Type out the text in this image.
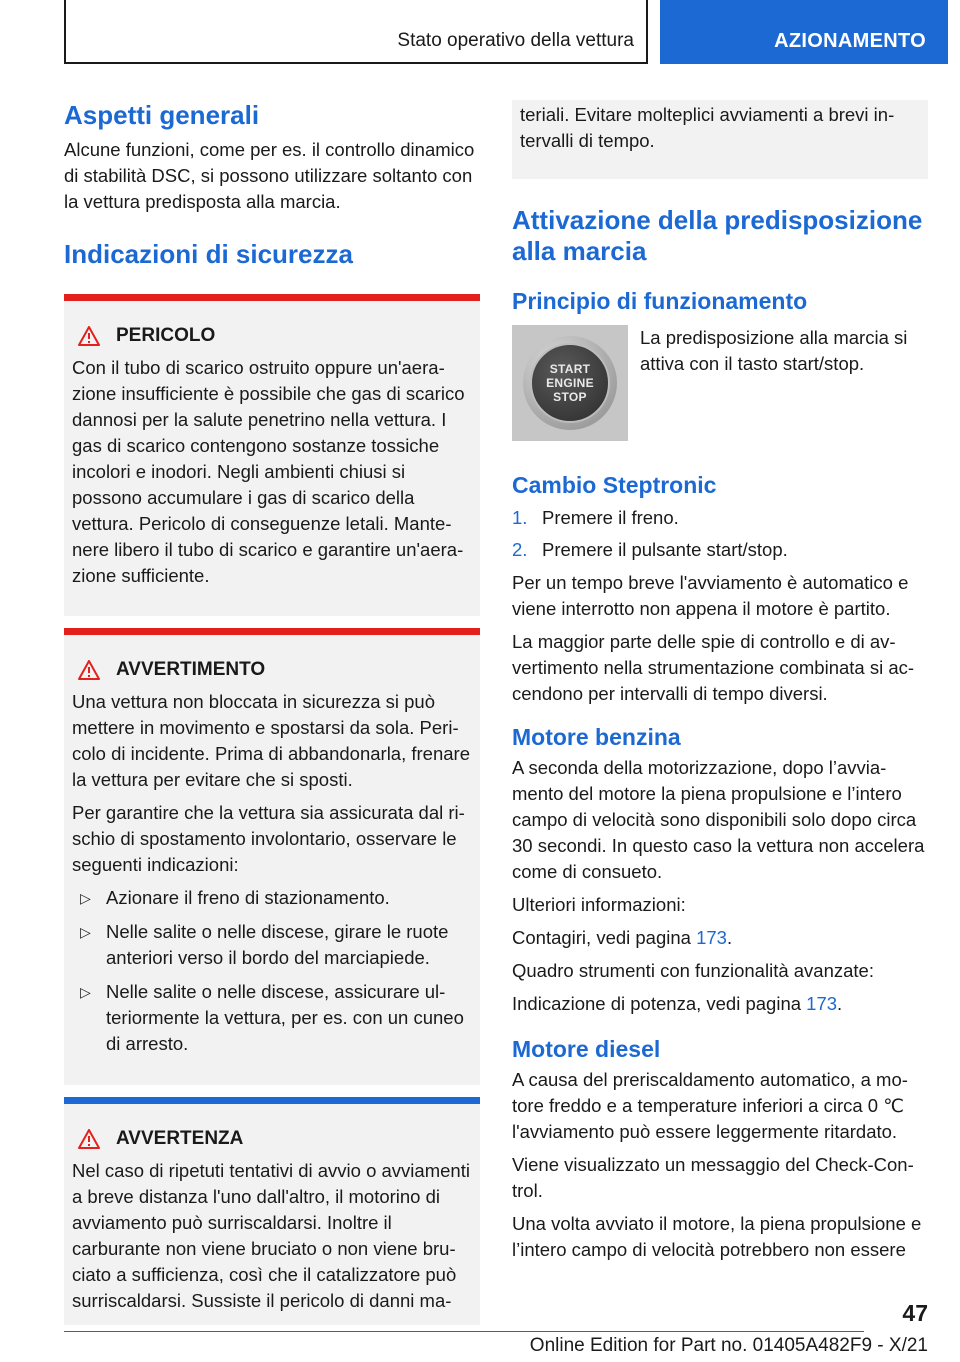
Stato operativo della vettura	AZIONAMENTO
Aspetti generali

Alcune funzioni, come per es. il controllo dinamico di stabilità DSC, si possono utilizzare soltanto con la vettura predisposta alla marcia.

Indicazioni di sicurezza
PERICOLO

Con il tubo di scarico ostruito oppure un'aerazione insufficiente è possibile che gas di scarico dannosi per la salute penetrino nella vettura. I gas di scarico contengono sostanze tossiche incolori e inodori. Negli ambienti chiusi si possono accumulare i gas di scarico della vettura. Pericolo di conseguenze letali. Mantenere libero il tubo di scarico e garantire un'aerazione sufficiente.

AVVERTIMENTO

Una vettura non bloccata in sicurezza si può mettere in movimento e spostarsi da sola. Pericolo di incidente. Prima di abbandonarla, frenare la vettura per evitare che si sposti.

Per garantire che la vettura sia assicurata dal rischio di spostamento involontario, osservare le seguenti indicazioni:

▷ Azionare il freno di stazionamento.
▷ Nelle salite o nelle discese, girare le ruote anteriori verso il bordo del marciapiede.
▷ Nelle salite o nelle discese, assicurare ulteriormente la vettura, per es. con un cuneo di arresto.
AVVERTENZA

Nel caso di ripetuti tentativi di avvio o avviamenti a breve distanza l'uno dall'altro, il motorino di avviamento può surriscaldarsi. Inoltre il carburante non viene bruciato o non viene bruciato a sufficienza, così che il catalizzatore può surriscaldarsi. Sussiste il pericolo di danni ma-

teriali. Evitare molteplici avviamenti a brevi intervalli di tempo.

Attivazione della predisposizione alla marcia
Principio di funzionamento
START
ENGINE
STOP

La predisposizione alla marcia si attiva con il tasto start/stop.

Cambio Steptronic
1. Premere il freno.
2. Premere il pulsante start/stop.

Per un tempo breve l'avviamento è automatico e viene interrotto non appena il motore è partito.

La maggior parte delle spie di controllo e di avvertimento nella strumentazione combinata si accendono per intervalli di tempo diversi.

Motore benzina

A seconda della motorizzazione, dopo l’avviamento del motore la piena propulsione e l’intero campo di velocità sono disponibili solo dopo circa 30 secondi. In questo caso la vettura non accelera come di consueto.

Ulteriori informazioni:

Contagiri, vedi pagina 173.

Quadro strumenti con funzionalità avanzate:

Indicazione di potenza, vedi pagina 173.

Motore diesel

A causa del preriscaldamento automatico, a motore freddo e a temperature inferiori a circa 0 ℃ l'avviamento può essere leggermente ritardato.

Viene visualizzato un messaggio del Check-Control.

Una volta avviato il motore, la piena propulsione e l’intero campo di velocità potrebbero non essere

47
Online Edition for Part no. 01405A482F9 - X/21
